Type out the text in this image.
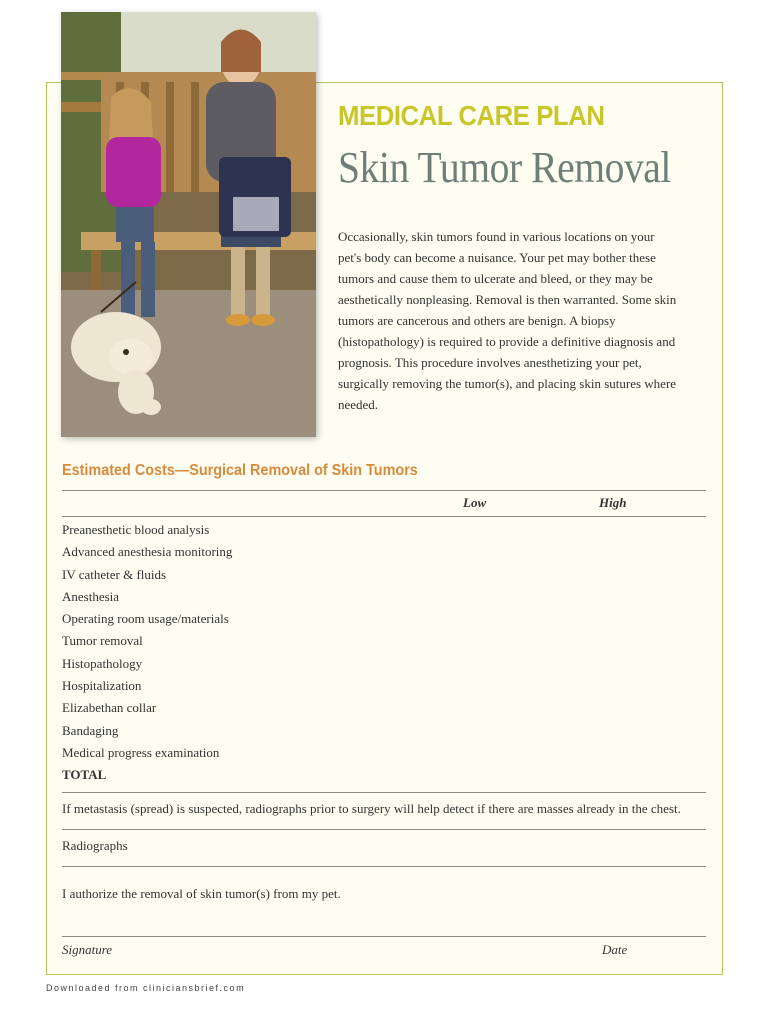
MEDICAL CARE PLAN
Skin Tumor Removal
Occasionally, skin tumors found in various locations on your pet's body can become a nuisance. Your pet may bother these tumors and cause them to ulcerate and bleed, or they may be aesthetically nonpleasing. Removal is then warranted. Some skin tumors are cancerous and others are benign. A biopsy (histopathology) is required to provide a definitive diagnosis and prognosis. This procedure involves anesthetizing your pet, surgically removing the tumor(s), and placing skin sutures where needed.
Estimated Costs—Surgical Removal of Skin Tumors
Low	High
Preanesthetic blood analysis
Advanced anesthesia monitoring
IV catheter & fluids
Anesthesia
Operating room usage/materials
Tumor removal
Histopathology
Hospitalization
Elizabethan collar
Bandaging
Medical progress examination
TOTAL
If metastasis (spread) is suspected, radiographs prior to surgery will help detect if there are masses already in the chest.
Radiographs
I authorize the removal of skin tumor(s) from my pet.
Signature	Date
Downloaded from cliniciansbrief.com
